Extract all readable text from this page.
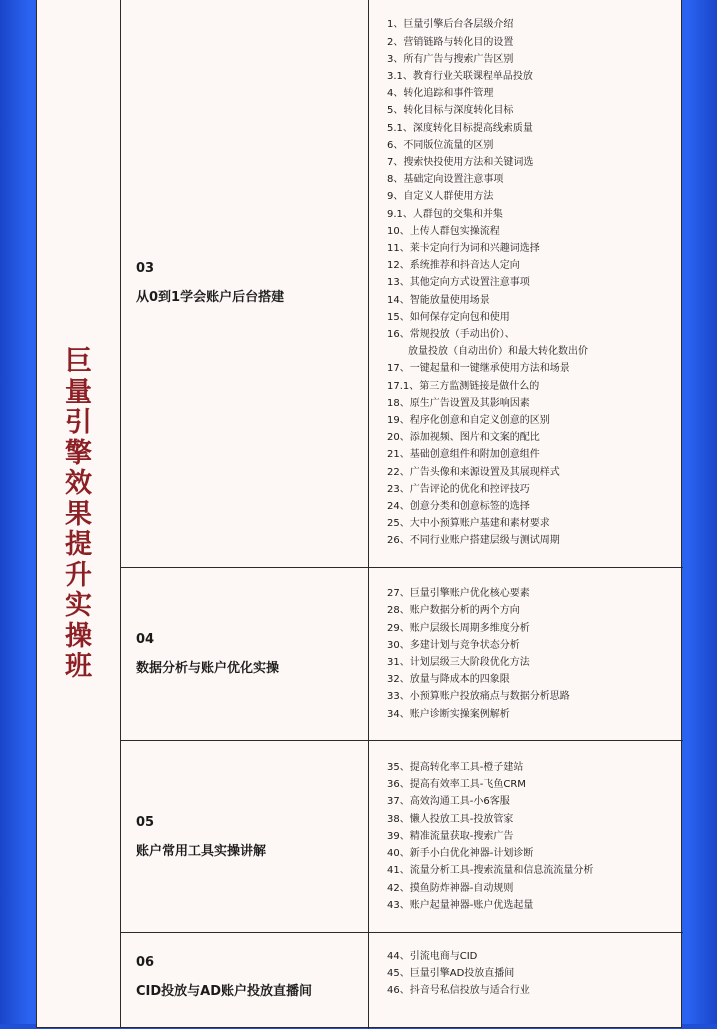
巨量引擎效果提升实操班
03
从0到1学会账户后台搭建
1、巨量引擎后台各层级介绍
2、营销链路与转化目的设置
3、所有广告与搜索广告区别
3.1、教育行业关联课程单品投放
4、转化追踪和事件管理
5、转化目标与深度转化目标
5.1、深度转化目标提高线索质量
6、不同版位流量的区别
7、搜索快投使用方法和关键词选
8、基础定向设置注意事项
9、自定义人群使用方法
9.1、人群包的交集和并集
10、上传人群包实操流程
11、莱卡定向行为词和兴趣词选择
12、系统推荐和抖音达人定向
13、其他定向方式设置注意事项
14、智能放量使用场景
15、如何保存定向包和使用
16、常规投放（手动出价）、
放量投放（自动出价）和最大转化数出价
17、一键起量和一键继承使用方法和场景
17.1、第三方监测链接是做什么的
18、原生广告设置及其影响因素
19、程序化创意和自定义创意的区别
20、添加视频、图片和文案的配比
21、基础创意组件和附加创意组件
22、广告头像和来源设置及其展现样式
23、广告评论的优化和控评技巧
24、创意分类和创意标签的选择
25、大中小预算账户基建和素材要求
26、不同行业账户搭建层级与测试周期
04
数据分析与账户优化实操
27、巨量引擎账户优化核心要素
28、账户数据分析的两个方向
29、账户层级长周期多维度分析
30、多建计划与竞争状态分析
31、计划层级三大阶段优化方法
32、放量与降成本的四象限
33、小预算账户投放痛点与数据分析思路
34、账户诊断实操案例解析
05
账户常用工具实操讲解
35、提高转化率工具-橙子建站
36、提高有效率工具-飞鱼CRM
37、高效沟通工具-小6客服
38、懒人投放工具-投放管家
39、精准流量获取-搜索广告
40、新手小白优化神器-计划诊断
41、流量分析工具-搜索流量和信息流流量分析
42、摸鱼防炸神器-自动规则
43、账户起量神器-账户优选起量
06
CID投放与AD账户投放直播间
44、引流电商与CID
45、巨量引擎AD投放直播间
46、抖音号私信投放与适合行业
